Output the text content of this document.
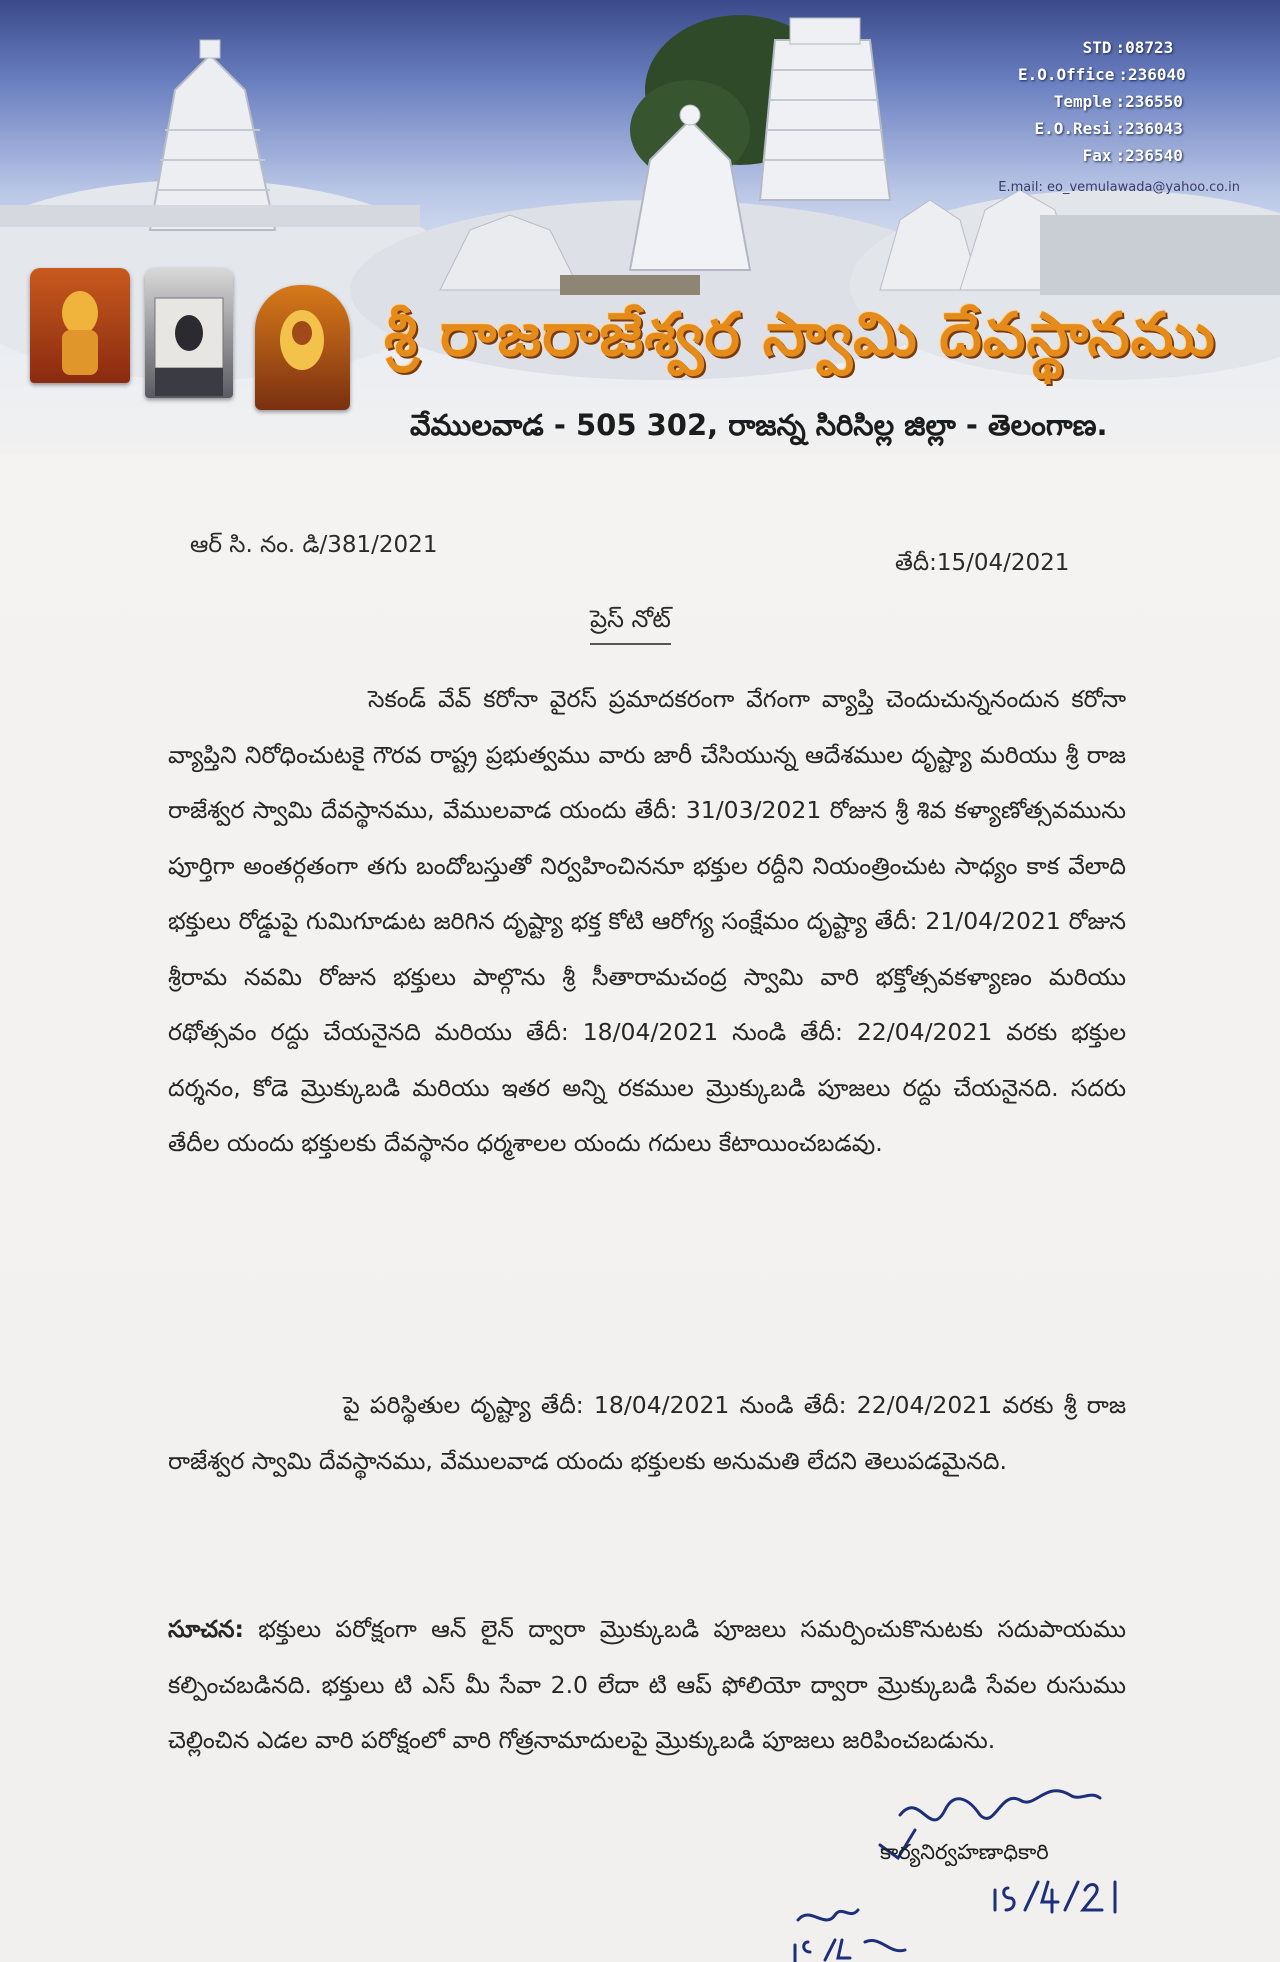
STD : 08723
E.O.Office : 236040
Temple : 236550
E.O.Resi : 236043
Fax : 236540
E.mail: eo_vemulawada@yahoo.co.in
శ్రీ రాజరాజేశ్వర స్వామి దేవస్థానము
వేములవాడ - 505 302, రాజన్న సిరిసిల్ల జిల్లా - తెలంగాణ.
ఆర్ సి. నం. డి/381/2021
తేదీ:15/04/2021
ప్రెస్ నోట్
సెకండ్ వేవ్ కరోనా వైరస్ ప్రమాదకరంగా వేగంగా వ్యాప్తి చెందుచున్ననందున కరోనా వ్యాప్తిని నిరోధించుటకై గౌరవ రాష్ట్ర ప్రభుత్వము వారు జారీ చేసియున్న ఆదేశముల దృష్ట్యా మరియు శ్రీ రాజ రాజేశ్వర స్వామి దేవస్థానము, వేములవాడ యందు తేదీ: 31/03/2021 రోజున శ్రీ శివ కళ్యాణోత్సవమును పూర్తిగా అంతర్గతంగా తగు బందోబస్తుతో నిర్వహించిననూ భక్తుల రద్దీని నియంత్రించుట సాధ్యం కాక వేలాది భక్తులు రోడ్డుపై గుమిగూడుట జరిగిన దృష్ట్యా భక్త కోటి ఆరోగ్య సంక్షేమం దృష్ట్యా తేదీ: 21/04/2021 రోజున శ్రీరామ నవమి రోజున భక్తులు పాల్గొను శ్రీ సీతారామచంద్ర స్వామి వారి భక్తోత్సవకళ్యాణం మరియు రథోత్సవం రద్దు చేయనైనది మరియు తేదీ: 18/04/2021 నుండి తేదీ: 22/04/2021 వరకు భక్తుల దర్శనం, కోడె మ్రొక్కుబడి మరియు ఇతర అన్ని రకముల మ్రొక్కుబడి పూజలు రద్దు చేయనైనది. సదరు తేదీల యందు భక్తులకు దేవస్థానం ధర్మశాలల యందు గదులు కేటాయించబడవు.
పై పరిస్థితుల దృష్ట్యా తేదీ: 18/04/2021 నుండి తేదీ: 22/04/2021 వరకు శ్రీ రాజ రాజేశ్వర స్వామి దేవస్థానము, వేములవాడ యందు భక్తులకు అనుమతి లేదని తెలుపడమైనది.
సూచన: భక్తులు పరోక్షంగా ఆన్ లైన్ ద్వారా మ్రొక్కుబడి పూజలు సమర్పించుకొనుటకు సదుపాయము కల్పించబడినది. భక్తులు టి ఎస్ మీ సేవా 2.0 లేదా టి ఆప్ ఫోలియో ద్వారా మ్రొక్కుబడి సేవల రుసుము చెల్లించిన ఎడల వారి పరోక్షంలో వారి గోత్రనామాదులపై మ్రొక్కుబడి పూజలు జరిపించబడును.
కార్యనిర్వహణాధికారి
